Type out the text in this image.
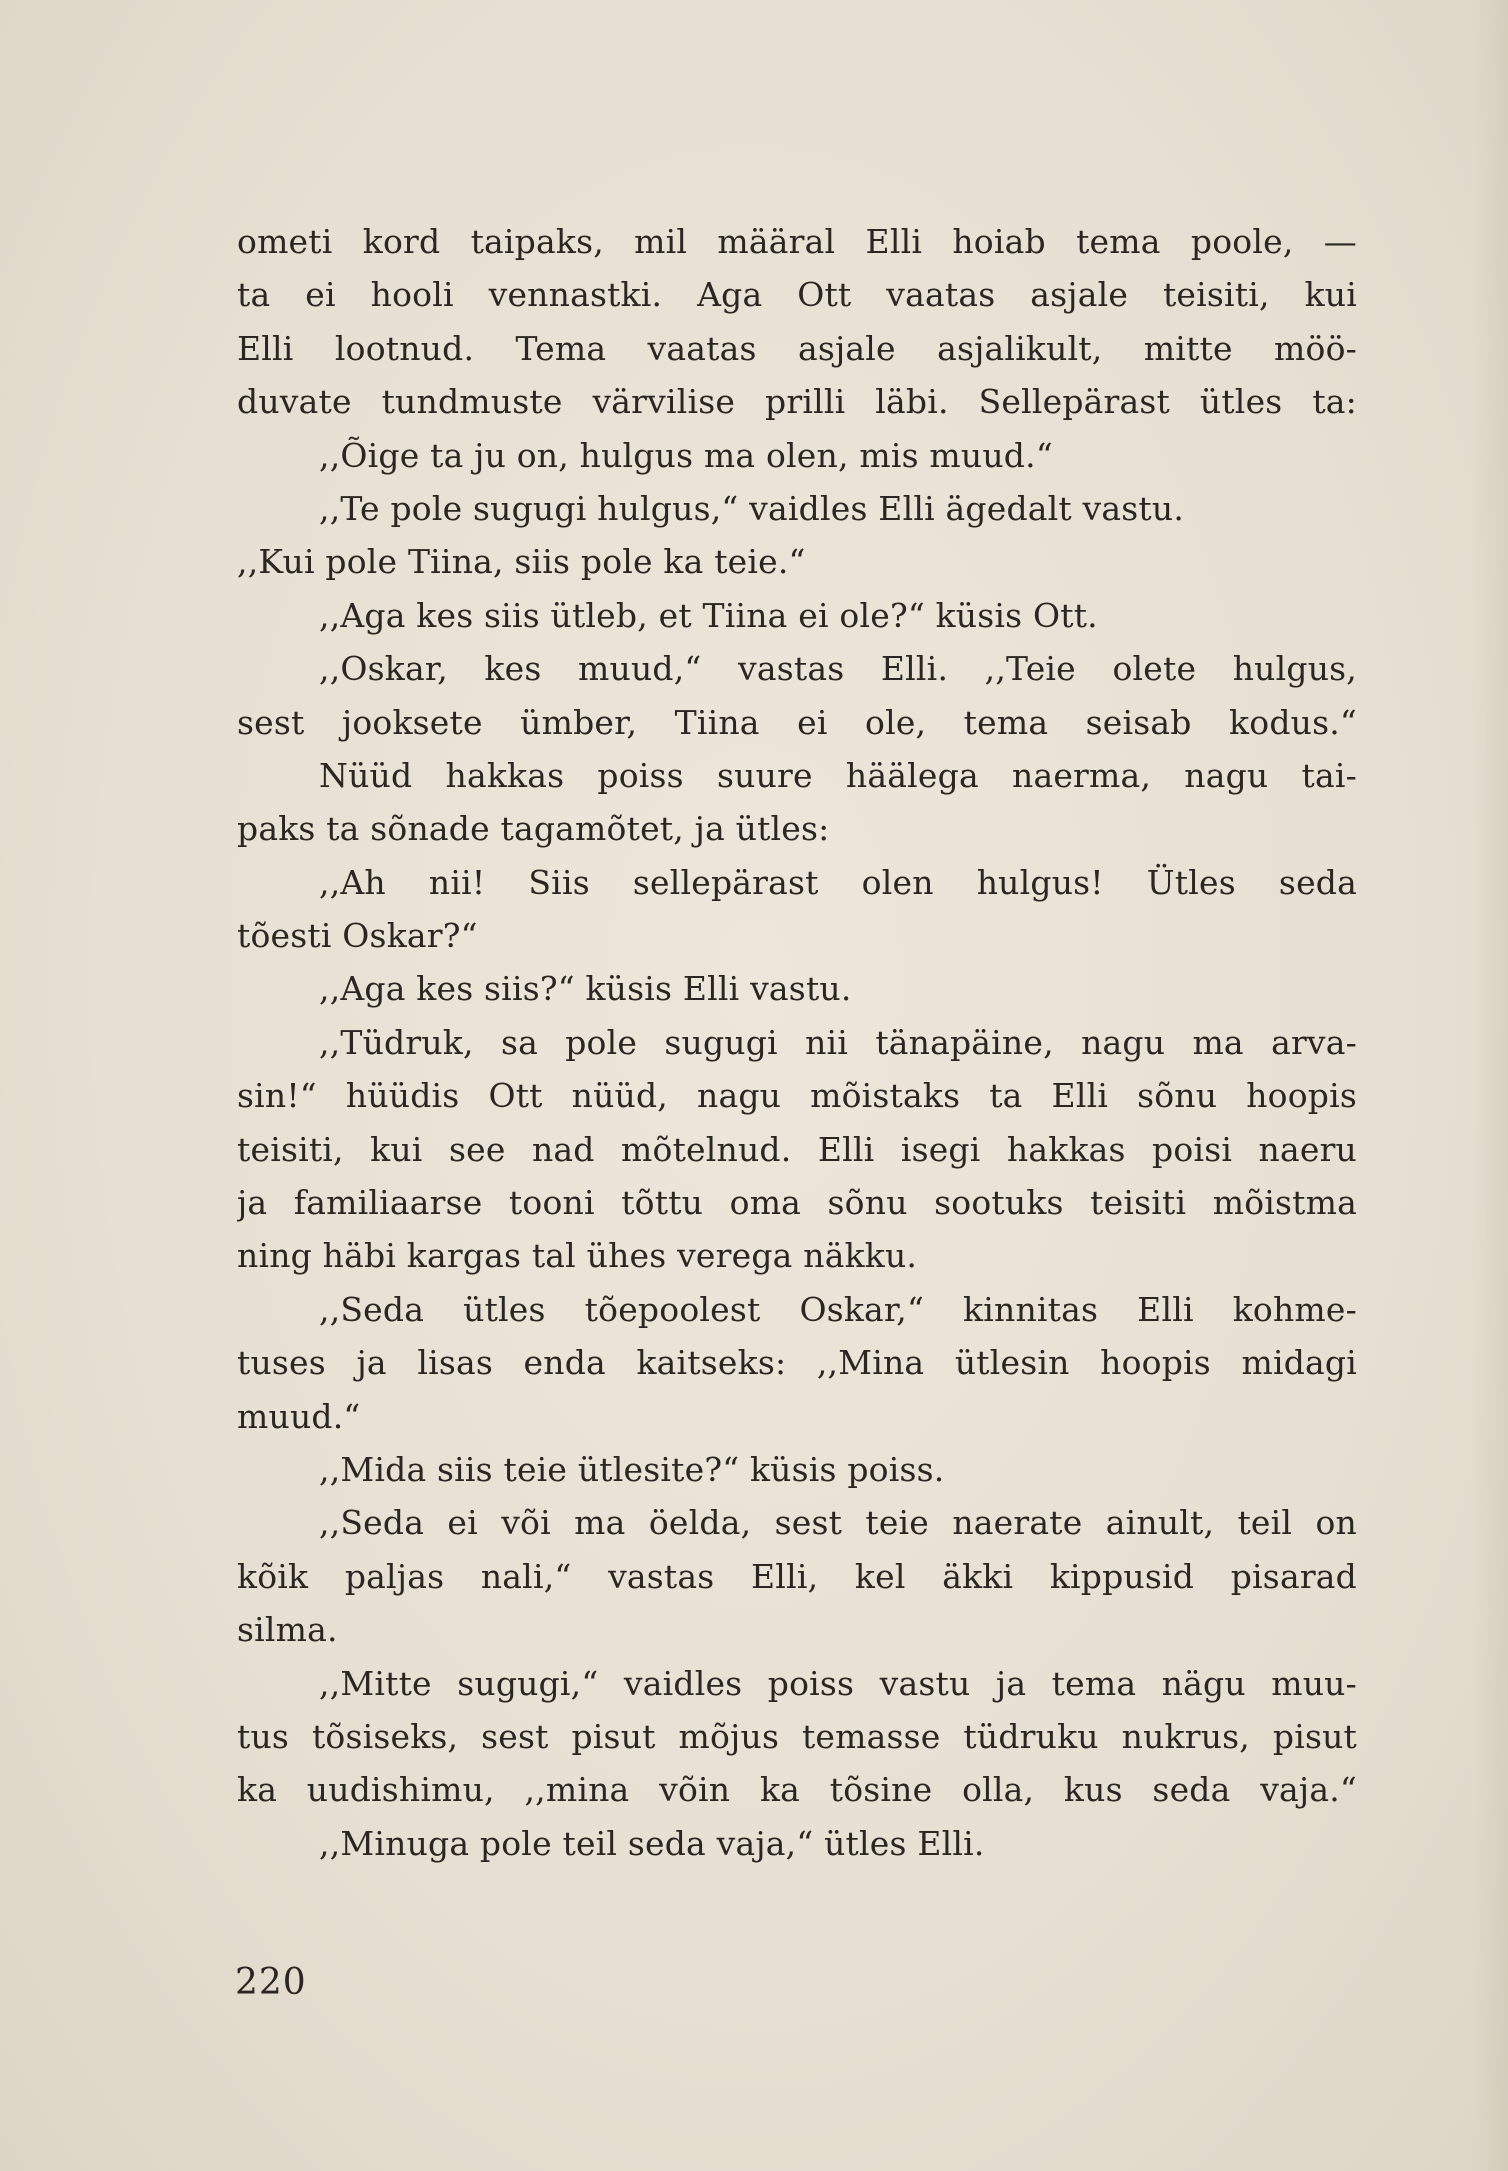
ometi kord taipaks, mil määral Elli hoiab tema poole, —
ta ei hooli vennastki. Aga Ott vaatas asjale teisiti, kui
Elli lootnud. Tema vaatas asjale asjalikult, mitte möö-
duvate tundmuste värvilise prilli läbi. Sellepärast ütles ta:
,,Õige ta ju on, hulgus ma olen, mis muud.“
,,Te pole sugugi hulgus,“ vaidles Elli ägedalt vastu.
,,Kui pole Tiina, siis pole ka teie.“
,,Aga kes siis ütleb, et Tiina ei ole?“ küsis Ott.
,,Oskar, kes muud,“ vastas Elli. ,,Teie olete hulgus,
sest jooksete ümber, Tiina ei ole, tema seisab kodus.“
Nüüd hakkas poiss suure häälega naerma, nagu tai-
paks ta sõnade tagamõtet, ja ütles:
,,Ah nii! Siis sellepärast olen hulgus! Ütles seda
tõesti Oskar?“
,,Aga kes siis?“ küsis Elli vastu.
,,Tüdruk, sa pole sugugi nii tänapäine, nagu ma arva-
sin!“ hüüdis Ott nüüd, nagu mõistaks ta Elli sõnu hoopis
teisiti, kui see nad mõtelnud. Elli isegi hakkas poisi naeru
ja familiaarse tooni tõttu oma sõnu sootuks teisiti mõistma
ning häbi kargas tal ühes verega näkku.
,,Seda ütles tõepoolest Oskar,“ kinnitas Elli kohme-
tuses ja lisas enda kaitseks: ,,Mina ütlesin hoopis midagi
muud.“
,,Mida siis teie ütlesite?“ küsis poiss.
,,Seda ei või ma öelda, sest teie naerate ainult, teil on
kõik paljas nali,“ vastas Elli, kel äkki kippusid pisarad
silma.
,,Mitte sugugi,“ vaidles poiss vastu ja tema nägu muu-
tus tõsiseks, sest pisut mõjus temasse tüdruku nukrus, pisut
ka uudishimu, ,,mina võin ka tõsine olla, kus seda vaja.“
,,Minuga pole teil seda vaja,“ ütles Elli.
220
